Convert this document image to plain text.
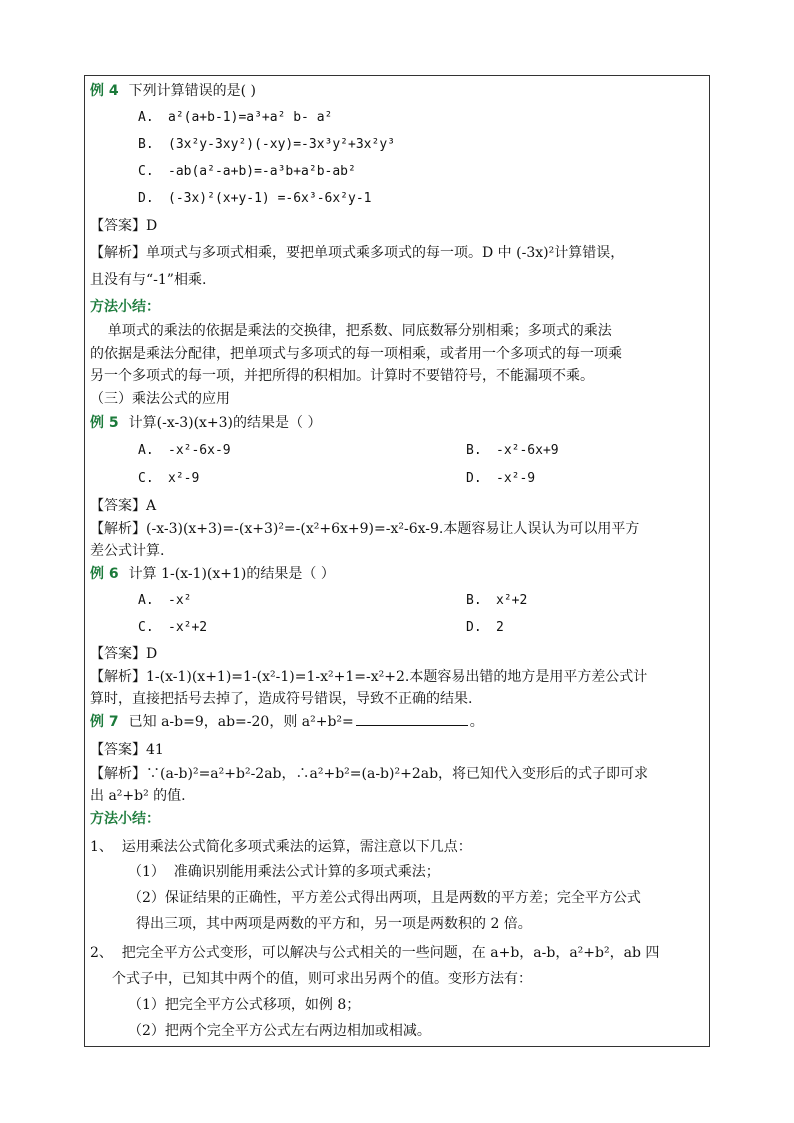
例 4 下列计算错误的是( )
A. a²(a+b-1)=a³+a² b- a²
B. (3x²y-3xy²)(-xy)=-3x³y²+3x²y³
C. -ab(a²-a+b)=-a³b+a²b-ab²
D. (-3x)²(x+y-1) =-6x³-6x²y-1
【答案】D
【解析】单项式与多项式相乘，要把单项式乘多项式的每一项。D 中 (-3x)²计算错误，
且没有与“-1”相乘.
方法小结：
单项式的乘法的依据是乘法的交换律，把系数、同底数幂分别相乘；多项式的乘法
的依据是乘法分配律，把单项式与多项式的每一项相乘，或者用一个多项式的每一项乘
另一个多项式的每一项，并把所得的积相加。计算时不要错符号，不能漏项不乘。
（三）乘法公式的应用
例 5 计算(-x-3)(x+3)的结果是（ ）
A. -x²-6x-9	B. -x²-6x+9
C. x²-9	D. -x²-9
【答案】A
【解析】(-x-3)(x+3)=-(x+3)²=-(x²+6x+9)=-x²-6x-9.本题容易让人误认为可以用平方
差公式计算.
例 6 计算 1-(x-1)(x+1)的结果是（ ）
A. -x²	B. x²+2
C. -x²+2	D. 2
【答案】D
【解析】1-(x-1)(x+1)=1-(x²-1)=1-x²+1=-x²+2.本题容易出错的地方是用平方差公式计
算时，直接把括号去掉了，造成符号错误，导致不正确的结果.
例 7 已知 a-b=9，ab=-20，则 a²+b²=	。
【答案】41
【解析】∵(a-b)²=a²+b²-2ab，∴a²+b²=(a-b)²+2ab，将已知代入变形后的式子即可求
出 a²+b² 的值.
方法小结：
1、  运用乘法公式简化多项式乘法的运算，需注意以下几点：
（1）  准确识别能用乘法公式计算的多项式乘法；
（2）保证结果的正确性，平方差公式得出两项，且是两数的平方差；完全平方公式
得出三项，其中两项是两数的平方和，另一项是两数积的 2 倍。
2、  把完全平方公式变形，可以解决与公式相关的一些问题，在 a+b，a-b，a²+b²，ab 四
个式子中，已知其中两个的值，则可求出另两个的值。变形方法有：
（1）把完全平方公式移项，如例 8；
（2）把两个完全平方公式左右两边相加或相减。
